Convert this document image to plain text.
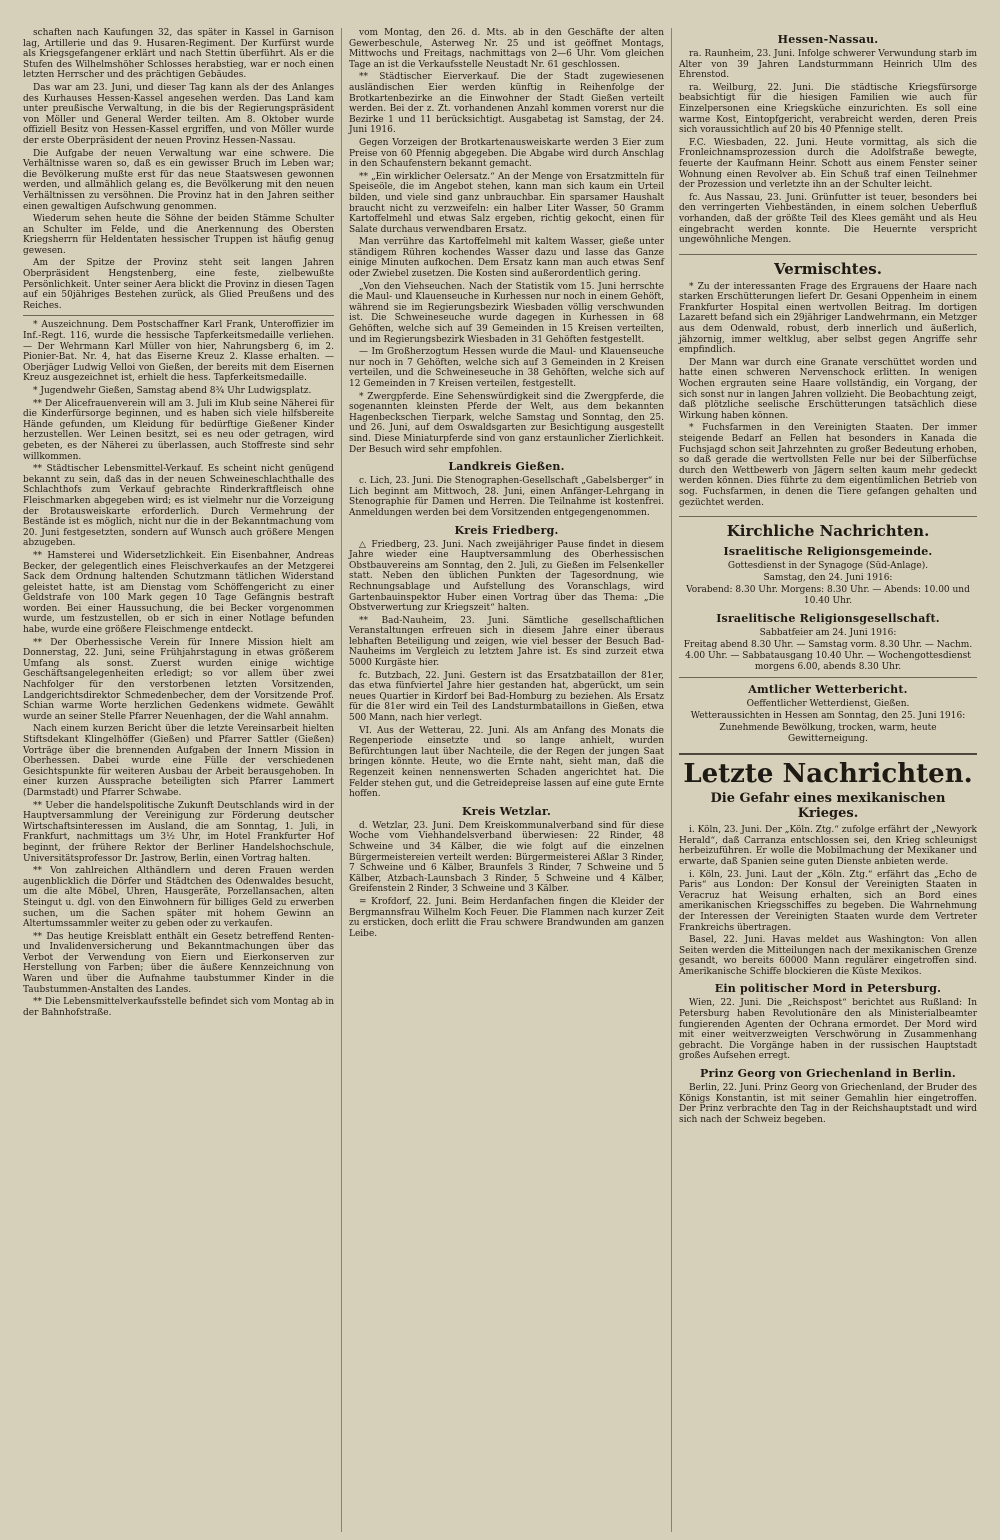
schaften nach Kaufungen 32, das später in Kassel in Garnison lag, Artillerie und das 9. Husaren-Regiment. Der Kurfürst wurde als Kriegsgefangener erklärt und nach Stettin überführt. Als er die Stufen des Wilhelmshöher Schlosses herabstieg, war er noch einen letzten Herrscher und des prächtigen Gebäudes.

Das war am 23. Juni, und dieser Tag kann als der des Anlanges des Kurhauses Hessen-Kassel angesehen werden. Das Land kam unter preußische Verwaltung, in die bis der Regierungspräsident von Möller und General Werder teilten. Am 8. Oktober wurde offiziell Besitz von Hessen-Kassel ergriffen, und von Möller wurde der erste Oberpräsident der neuen Provinz Hessen-Nassau.

Die Aufgabe der neuen Verwaltung war eine schwere. Die Verhältnisse waren so, daß es ein gewisser Bruch im Leben war; die Bevölkerung mußte erst für das neue Staatswesen gewonnen werden, und allmählich gelang es, die Bevölkerung mit den neuen Verhältnissen zu versöhnen. Die Provinz hat in den Jahren seither einen gewaltigen Aufschwung genommen.

Wiederum sehen heute die Söhne der beiden Stämme Schulter an Schulter im Felde, und die Anerkennung des Obersten Kriegsherrn für Heldentaten hessischer Truppen ist häufig genug gewesen.

Am der Spitze der Provinz steht seit langen Jahren Oberpräsident Hengstenberg, eine feste, zielbewußte Persönlichkeit. Unter seiner Aera blickt die Provinz in diesen Tagen auf ein 50jähriges Bestehen zurück, als Glied Preußens und des Reiches.

* Auszeichnung. Dem Postschaffner Karl Frank, Unteroffizier im Inf.-Regt. 116, wurde die hessische Tapferkeitsmedaille verliehen. — Der Wehrmann Karl Müller von hier, Nahrungsberg 6, im 2. Pionier-Bat. Nr. 4, hat das Eiserne Kreuz 2. Klasse erhalten. — Oberjäger Ludwig Velloi von Gießen, der bereits mit dem Eisernen Kreuz ausgezeichnet ist, erhielt die hess. Tapferkeitsmedaille.

* Jugendwehr Gießen, Samstag abend 8¾ Uhr Ludwigsplatz.

** Der Alicefrauenverein will am 3. Juli im Klub seine Näherei für die Kinderfürsorge beginnen, und es haben sich viele hilfsbereite Hände gefunden, um Kleidung für bedürftige Gießener Kinder herzustellen. Wer Leinen besitzt, sei es neu oder getragen, wird gebeten, es der Näherei zu überlassen, auch Stoffreste sind sehr willkommen.

** Städtischer Lebensmittel-Verkauf. Es scheint nicht genügend bekannt zu sein, daß das in der neuen Schweineschlachthalle des Schlachthofs zum Verkauf gebrachte Rinderkraftfleisch ohne Fleischmarken abgegeben wird; es ist vielmehr nur die Vorzeigung der Brotausweiskarte erforderlich. Durch Vermehrung der Bestände ist es möglich, nicht nur die in der Bekanntmachung vom 20. Juni festgesetzten, sondern auf Wunsch auch größere Mengen abzugeben.

** Hamsterei und Widersetzlichkeit. Ein Eisenbahner, Andreas Becker, der gelegentlich eines Fleischverkaufes an der Metzgerei Sack dem Ordnung haltenden Schutzmann tätlichen Widerstand geleistet hatte, ist am Dienstag vom Schöffengericht zu einer Geldstrafe von 100 Mark gegen 10 Tage Gefängnis bestraft worden. Bei einer Haussuchung, die bei Becker vorgenommen wurde, um festzustellen, ob er sich in einer Notlage befunden habe, wurde eine größere Fleischmenge entdeckt.

** Der Oberhessische Verein für Innere Mission hielt am Donnerstag, 22. Juni, seine Frühjahrstagung in etwas größerem Umfang als sonst. Zuerst wurden einige wichtige Geschäftsangelegenheiten erledigt; so vor allem über zwei Nachfolger für den verstorbenen letzten Vorsitzenden, Landgerichtsdirektor Schmedenbecher, dem der Vorsitzende Prof. Schian warme Worte herzlichen Gedenkens widmete. Gewählt wurde an seiner Stelle Pfarrer Neuenhagen, der die Wahl annahm.

Nach einem kurzen Bericht über die letzte Vereinsarbeit hielten Stiftsdekant Klingelhöffer (Gießen) und Pfarrer Sattler (Gießen) Vorträge über die brennenden Aufgaben der Innern Mission in Oberhessen. Dabei wurde eine Fülle der verschiedenen Gesichtspunkte für weiteren Ausbau der Arbeit berausgehoben. In einer kurzen Aussprache beteiligten sich Pfarrer Lammert (Darmstadt) und Pfarrer Schwabe.

** Ueber die handelspolitische Zukunft Deutschlands wird in der Hauptversammlung der Vereinigung zur Förderung deutscher Wirtschaftsinteressen im Ausland, die am Sonntag, 1. Juli, in Frankfurt, nachmittags um 3½ Uhr, im Hotel Frankfurter Hof beginnt, der frühere Rektor der Berliner Handelshochschule, Universitätsprofessor Dr. Jastrow, Berlin, einen Vortrag halten.

** Von zahlreichen Althändlern und deren Frauen werden augenblicklich die Dörfer und Städtchen des Odenwaldes besucht, um die alte Möbel, Uhren, Hausgeräte, Porzellansachen, alten Steingut u. dgl. von den Einwohnern für billiges Geld zu erwerben suchen, um die Sachen später mit hohem Gewinn an Altertumssammler weiter zu geben oder zu verkaufen.

** Das heutige Kreisblatt enthält ein Gesetz betreffend Renten- und Invalidenversicherung und Bekanntmachungen über das Verbot der Verwendung von Eiern und Eierkonserven zur Herstellung von Farben; über die äußere Kennzeichnung von Waren und über die Aufnahme taubstummer Kinder in die Taubstummen-Anstalten des Landes.

** Die Lebensmittelverkaufsstelle befindet sich vom Montag ab in der Bahnhofstraße.

vom Montag, den 26. d. Mts. ab in den Geschäfte der alten Gewerbeschule, Asterweg Nr. 25 und ist geöffnet Montags, Mittwochs und Freitags, nachmittags von 2—6 Uhr. Vom gleichen Tage an ist die Verkaufsstelle Neustadt Nr. 61 geschlossen.

** Städtischer Eierverkauf. Die der Stadt zugewiesenen ausländischen Eier werden künftig in Reihenfolge der Brotkartenbezirke an die Einwohner der Stadt Gießen verteilt werden. Bei der z. Zt. vorhandenen Anzahl kommen vorerst nur die Bezirke 1 und 11 berücksichtigt. Ausgabetag ist Samstag, der 24. Juni 1916.

Gegen Vorzeigen der Brotkartenausweiskarte werden 3 Eier zum Preise von 60 Pfennig abgegeben. Die Abgabe wird durch Anschlag in den Schaufenstern bekannt gemacht.

** „Ein wirklicher Oelersatz.“ An der Menge von Ersatzmitteln für Speiseöle, die im Angebot stehen, kann man sich kaum ein Urteil bilden, und viele sind ganz unbrauchbar. Ein sparsamer Haushalt braucht nicht zu verzweifeln: ein halber Liter Wasser, 50 Gramm Kartoffelmehl und etwas Salz ergeben, richtig gekocht, einen für Salate durchaus verwendbaren Ersatz.

Man verrühre das Kartoffelmehl mit kaltem Wasser, gieße unter ständigem Rühren kochendes Wasser dazu und lasse das Ganze einige Minuten aufkochen. Dem Ersatz kann man auch etwas Senf oder Zwiebel zusetzen. Die Kosten sind außerordentlich gering.

„Von den Viehseuchen. Nach der Statistik vom 15. Juni herrschte die Maul- und Klauenseuche in Kurhessen nur noch in einem Gehöft, während sie im Regierungsbezirk Wiesbaden völlig verschwunden ist. Die Schweineseuche wurde dagegen in Kurhessen in 68 Gehöften, welche sich auf 39 Gemeinden in 15 Kreisen verteilten, und im Regierungsbezirk Wiesbaden in 31 Gehöften festgestellt.

— Im Großherzogtum Hessen wurde die Maul- und Klauenseuche nur noch in 7 Gehöften, welche sich auf 3 Gemeinden in 2 Kreisen verteilen, und die Schweineseuche in 38 Gehöften, welche sich auf 12 Gemeinden in 7 Kreisen verteilen, festgestellt.

* Zwergpferde. Eine Sehenswürdigkeit sind die Zwergpferde, die sogenannten kleinsten Pferde der Welt, aus dem bekannten Hagenbeckschen Tierpark, welche Samstag und Sonntag, den 25. und 26. Juni, auf dem Oswaldsgarten zur Besichtigung ausgestellt sind. Diese Miniaturpferde sind von ganz erstaunlicher Zierlichkeit. Der Besuch wird sehr empfohlen.

Landkreis Gießen.

c. Lich, 23. Juni. Die Stenographen-Gesellschaft „Gabelsberger“ in Lich beginnt am Mittwoch, 28. Juni, einen Anfänger-Lehrgang in Stenographie für Damen und Herren. Die Teilnahme ist kostenfrei. Anmeldungen werden bei dem Vorsitzenden entgegengenommen.

Kreis Friedberg.

△ Friedberg, 23. Juni. Nach zweijähriger Pause findet in diesem Jahre wieder eine Hauptversammlung des Oberhessischen Obstbauvereins am Sonntag, den 2. Juli, zu Gießen im Felsenkeller statt. Neben den üblichen Punkten der Tagesordnung, wie Rechnungsablage und Aufstellung des Voranschlags, wird Gartenbauinspektor Huber einen Vortrag über das Thema: „Die Obstverwertung zur Kriegszeit“ halten.

** Bad-Nauheim, 23. Juni. Sämtliche gesellschaftlichen Veranstaltungen erfreuen sich in diesem Jahre einer überaus lebhaften Beteiligung und zeigen, wie viel besser der Besuch Bad-Nauheims im Vergleich zu letztem Jahre ist. Es sind zurzeit etwa 5000 Kurgäste hier.

fc. Butzbach, 22. Juni. Gestern ist das Ersatzbataillon der 81er, das etwa fünfviertel Jahre hier gestanden hat, abgerückt, um sein neues Quartier in Kirdorf bei Bad-Homburg zu beziehen. Als Ersatz für die 81er wird ein Teil des Landsturmbataillons in Gießen, etwa 500 Mann, nach hier verlegt.

VI. Aus der Wetterau, 22. Juni. Als am Anfang des Monats die Regenperiode einsetzte und so lange anhielt, wurden Befürchtungen laut über Nachteile, die der Regen der jungen Saat bringen könnte. Heute, wo die Ernte naht, sieht man, daß die Regenzeit keinen nennenswerten Schaden angerichtet hat. Die Felder stehen gut, und die Getreidepreise lassen auf eine gute Ernte hoffen.

Kreis Wetzlar.

d. Wetzlar, 23. Juni. Dem Kreiskommunalverband sind für diese Woche vom Viehhandelsverband überwiesen: 22 Rinder, 48 Schweine und 34 Kälber, die wie folgt auf die einzelnen Bürgermeistereien verteilt werden: Bürgermeisterei Aßlar 3 Rinder, 7 Schweine und 6 Kälber, Braunfels 3 Rinder, 7 Schweine und 5 Kälber, Atzbach-Launsbach 3 Rinder, 5 Schweine und 4 Kälber, Greifenstein 2 Rinder, 3 Schweine und 3 Kälber.

= Krofdorf, 22. Juni. Beim Herdanfachen fingen die Kleider der Bergmannsfrau Wilhelm Koch Feuer. Die Flammen nach kurzer Zeit zu ersticken, doch erlitt die Frau schwere Brandwunden am ganzen Leibe.

Hessen-Nassau.

ra. Raunheim, 23. Juni. Infolge schwerer Verwundung starb im Alter von 39 Jahren Landsturmmann Heinrich Ulm des Ehrenstod.

ra. Weilburg, 22. Juni. Die städtische Kriegsfürsorge beabsichtigt für die hiesigen Familien wie auch für Einzelpersonen eine Kriegsküche einzurichten. Es soll eine warme Kost, Eintopfgericht, verabreicht werden, deren Preis sich voraussichtlich auf 20 bis 40 Pfennige stellt.

F.C. Wiesbaden, 22. Juni. Heute vormittag, als sich die Fronleichnamsprozession durch die Adolfstraße bewegte, feuerte der Kaufmann Heinr. Schott aus einem Fenster seiner Wohnung einen Revolver ab. Ein Schuß traf einen Teilnehmer der Prozession und verletzte ihn an der Schulter leicht.

fc. Aus Nassau, 23. Juni. Grünfutter ist teuer, besonders bei den verringerten Viehbeständen, in einem solchen Ueberfluß vorhanden, daß der größte Teil des Klees gemäht und als Heu eingebracht werden konnte. Die Heuernte verspricht ungewöhnliche Mengen.

Vermischtes.

* Zu der interessanten Frage des Ergrauens der Haare nach starken Erschütterungen liefert Dr. Gesani Oppenheim in einem Frankfurter Hospital einen wertvollen Beitrag. Im dortigen Lazarett befand sich ein 29jähriger Landwehrmann, ein Metzger aus dem Odenwald, robust, derb innerlich und äußerlich, jähzornig, immer weltklug, aber selbst gegen Angriffe sehr empfindlich.

Der Mann war durch eine Granate verschüttet worden und hatte einen schweren Nervenschock erlitten. In wenigen Wochen ergrauten seine Haare vollständig, ein Vorgang, der sich sonst nur in langen Jahren vollzieht. Die Beobachtung zeigt, daß plötzliche seelische Erschütterungen tatsächlich diese Wirkung haben können.

* Fuchsfarmen in den Vereinigten Staaten. Der immer steigende Bedarf an Fellen hat besonders in Kanada die Fuchsjagd schon seit Jahrzehnten zu großer Bedeutung erhoben, so daß gerade die wertvollsten Felle nur bei der Silberfüchse durch den Wettbewerb von Jägern selten kaum mehr gedeckt werden können. Dies führte zu dem eigentümlichen Betrieb von sog. Fuchsfarmen, in denen die Tiere gefangen gehalten und gezüchtet werden.

Kirchliche Nachrichten.
Israelitische Religionsgemeinde.

Gottesdienst in der Synagoge (Süd-Anlage).

Samstag, den 24. Juni 1916:

Vorabend: 8.30 Uhr. Morgens: 8.30 Uhr. — Abends: 10.00 und 10.40 Uhr.

Israelitische Religionsgesellschaft.

Sabbatfeier am 24. Juni 1916:

Freitag abend 8.30 Uhr. — Samstag vorm. 8.30 Uhr. — Nachm. 4.00 Uhr. — Sabbatausgang 10.40 Uhr. — Wochengottesdienst morgens 6.00, abends 8.30 Uhr.

Amtlicher Wetterbericht.

Oeffentlicher Wetterdienst, Gießen.

Wetteraussichten in Hessen am Sonntag, den 25. Juni 1916:

Zunehmende Bewölkung, trocken, warm, heute Gewitterneigung.

Letzte Nachrichten.
Die Gefahr eines mexikanischen Krieges.

i. Köln, 23. Juni. Der „Köln. Ztg.“ zufolge erfährt der „Newyork Herald“, daß Carranza entschlossen sei, den Krieg schleunigst herbeizuführen. Er wolle die Mobilmachung der Mexikaner und erwarte, daß Spanien seine guten Dienste anbieten werde.

i. Köln, 23. Juni. Laut der „Köln. Ztg.“ erfährt das „Echo de Paris“ aus London: Der Konsul der Vereinigten Staaten in Veracruz hat Weisung erhalten, sich an Bord eines amerikanischen Kriegsschiffes zu begeben. Die Wahrnehmung der Interessen der Vereinigten Staaten wurde dem Vertreter Frankreichs übertragen.

Basel, 22. Juni. Havas meldet aus Washington: Von allen Seiten werden die Mitteilungen nach der mexikanischen Grenze gesandt, wo bereits 60000 Mann regulärer eingetroffen sind. Amerikanische Schiffe blockieren die Küste Mexikos.

Ein politischer Mord in Petersburg.

Wien, 22. Juni. Die „Reichspost“ berichtet aus Rußland: In Petersburg haben Revolutionäre den als Ministerialbeamter fungierenden Agenten der Ochrana ermordet. Der Mord wird mit einer weitverzweigten Verschwörung in Zusammenhang gebracht. Die Vorgänge haben in der russischen Hauptstadt großes Aufsehen erregt.

Prinz Georg von Griechenland in Berlin.

Berlin, 22. Juni. Prinz Georg von Griechenland, der Bruder des Königs Konstantin, ist mit seiner Gemahlin hier eingetroffen. Der Prinz verbrachte den Tag in der Reichshauptstadt und wird sich nach der Schweiz begeben.
